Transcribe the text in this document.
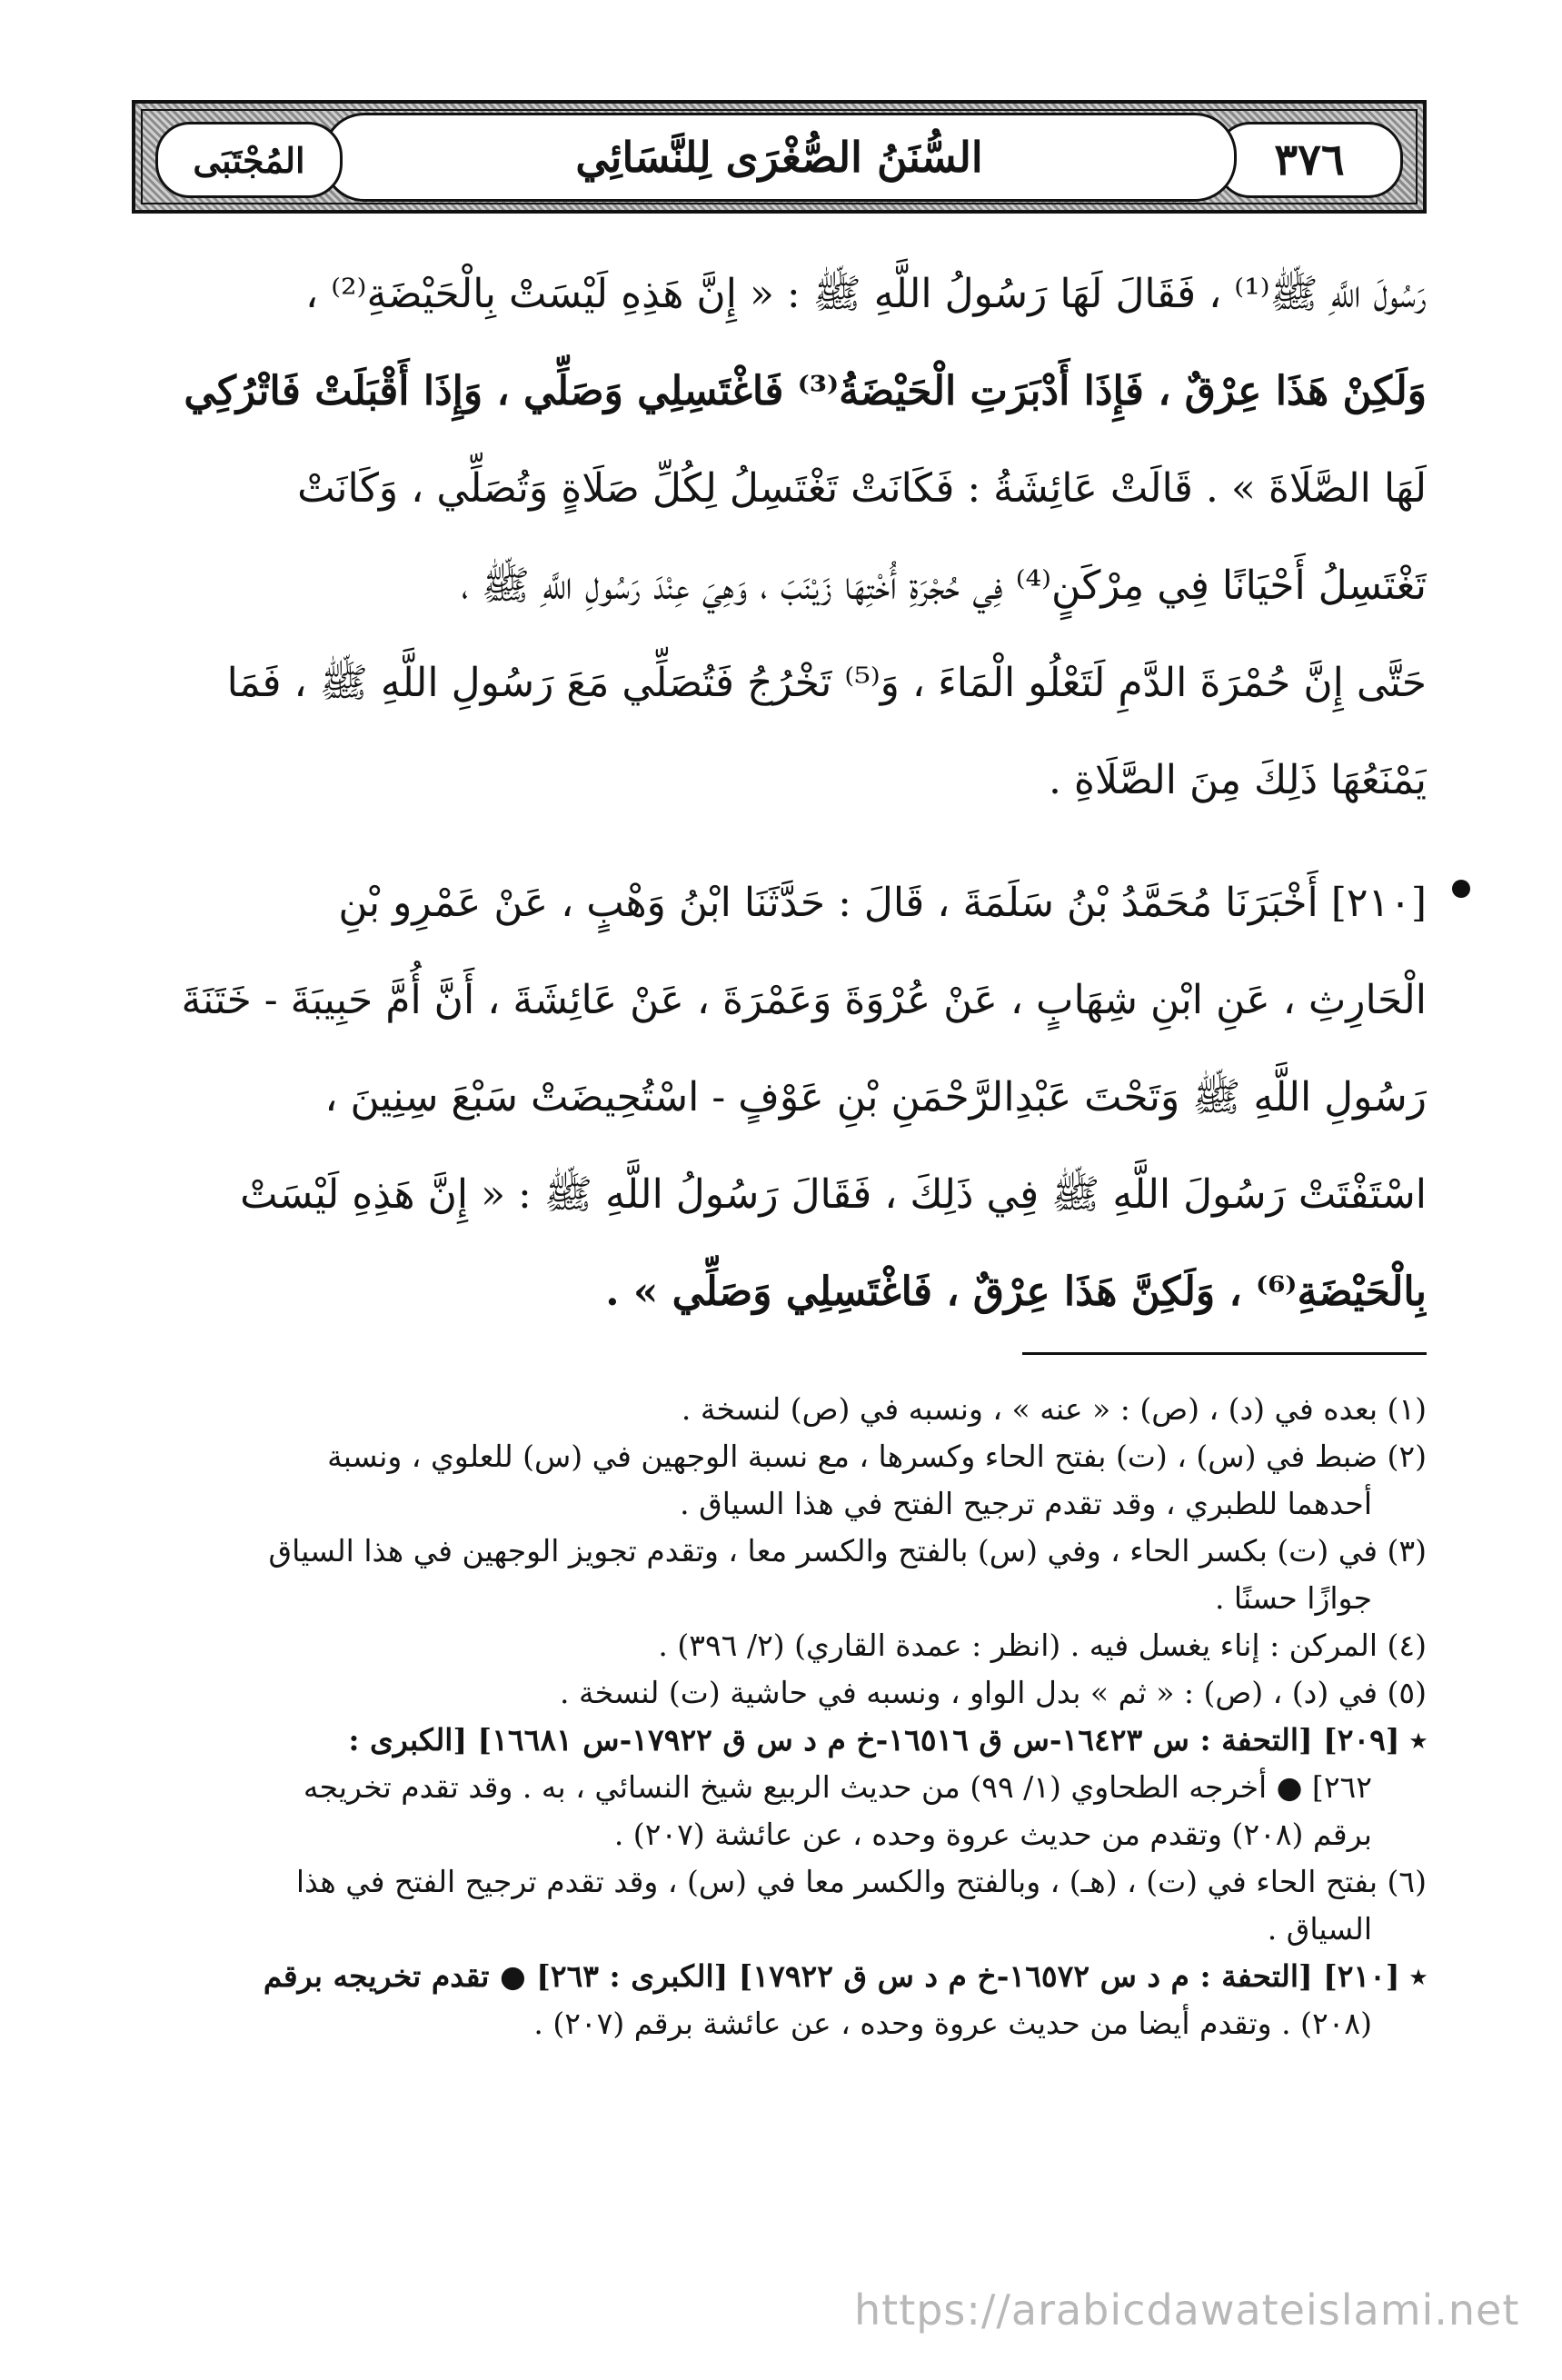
٣٧٦
السُّنَنُ الصُّغْرَى لِلنَّسَائِي
المُجْتَبَى
رَسُولَ اللَّهِ ﷺ⁽¹⁾ ، فَقَالَ لَهَا رَسُولُ اللَّهِ ﷺ : « إِنَّ هَذِهِ لَيْسَتْ بِالْحَيْضَةِ⁽²⁾ ،
وَلَكِنْ هَذَا عِرْقٌ ، فَإِذَا أَدْبَرَتِ الْحَيْضَةُ⁽³⁾ فَاغْتَسِلِي وَصَلِّي ، وَإِذَا أَقْبَلَتْ فَاتْرُكِي
لَهَا الصَّلَاةَ » . قَالَتْ عَائِشَةُ : فَكَانَتْ تَغْتَسِلُ لِكُلِّ صَلَاةٍ وَتُصَلِّي ، وَكَانَتْ
تَغْتَسِلُ أَحْيَانًا فِي مِرْكَنٍ⁽⁴⁾ فِي حُجْرَةِ أُخْتِهَا زَيْنَبَ ، وَهِيَ عِنْدَ رَسُولِ اللَّهِ ﷺ ،
حَتَّى إِنَّ حُمْرَةَ الدَّمِ لَتَعْلُو الْمَاءَ ، وَ⁽⁵⁾ تَخْرُجُ فَتُصَلِّي مَعَ رَسُولِ اللَّهِ ﷺ ، فَمَا
يَمْنَعُهَا ذَلِكَ مِنَ الصَّلَاةِ .
[٢١٠] أَخْبَرَنَا مُحَمَّدُ بْنُ سَلَمَةَ ، قَالَ : حَدَّثَنَا ابْنُ وَهْبٍ ، عَنْ عَمْرِو بْنِ
الْحَارِثِ ، عَنِ ابْنِ شِهَابٍ ، عَنْ عُرْوَةَ وَعَمْرَةَ ، عَنْ عَائِشَةَ ، أَنَّ أُمَّ حَبِيبَةَ - خَتَنَةَ
رَسُولِ اللَّهِ ﷺ وَتَحْتَ عَبْدِالرَّحْمَنِ بْنِ عَوْفٍ - اسْتُحِيضَتْ سَبْعَ سِنِينَ ،
اسْتَفْتَتْ رَسُولَ اللَّهِ ﷺ فِي ذَلِكَ ، فَقَالَ رَسُولُ اللَّهِ ﷺ : « إِنَّ هَذِهِ لَيْسَتْ
بِالْحَيْضَةِ⁽⁶⁾ ، وَلَكِنَّ هَذَا عِرْقٌ ، فَاغْتَسِلِي وَصَلِّي » .
(١) بعده في (د) ، (ص) : « عنه » ، ونسبه في (ص) لنسخة .
(٢) ضبط في (س) ، (ت) بفتح الحاء وكسرها ، مع نسبة الوجهين في (س) للعلوي ، ونسبة
أحدهما للطبري ، وقد تقدم ترجيح الفتح في هذا السياق .
(٣) في (ت) بكسر الحاء ، وفي (س) بالفتح والكسر معا ، وتقدم تجويز الوجهين في هذا السياق
جوازًا حسنًا .
(٤) المركن : إناء يغسل فيه . (انظر : عمدة القاري) (٢/ ٣٩٦) .
(٥) في (د) ، (ص) : « ثم » بدل الواو ، ونسبه في حاشية (ت) لنسخة .
٭ [٢٠٩] [التحفة : س ١٦٤٢٣-س ق ١٦٥١٦-خ م د س ق ١٧٩٢٢-س ١٦٦٨١] [الكبرى :
٢٦٢] ● أخرجه الطحاوي (١/ ٩٩) من حديث الربيع شيخ النسائي ، به . وقد تقدم تخريجه
برقم (٢٠٨) وتقدم من حديث عروة وحده ، عن عائشة (٢٠٧) .
(٦) بفتح الحاء في (ت) ، (هـ) ، وبالفتح والكسر معا في (س) ، وقد تقدم ترجيح الفتح في هذا
السياق .
٭ [٢١٠] [التحفة : م د س ١٦٥٧٢-خ م د س ق ١٧٩٢٢] [الكبرى : ٢٦٣] ● تقدم تخريجه برقم
(٢٠٨) . وتقدم أيضا من حديث عروة وحده ، عن عائشة برقم (٢٠٧) .
https://arabicdawateislami.net
